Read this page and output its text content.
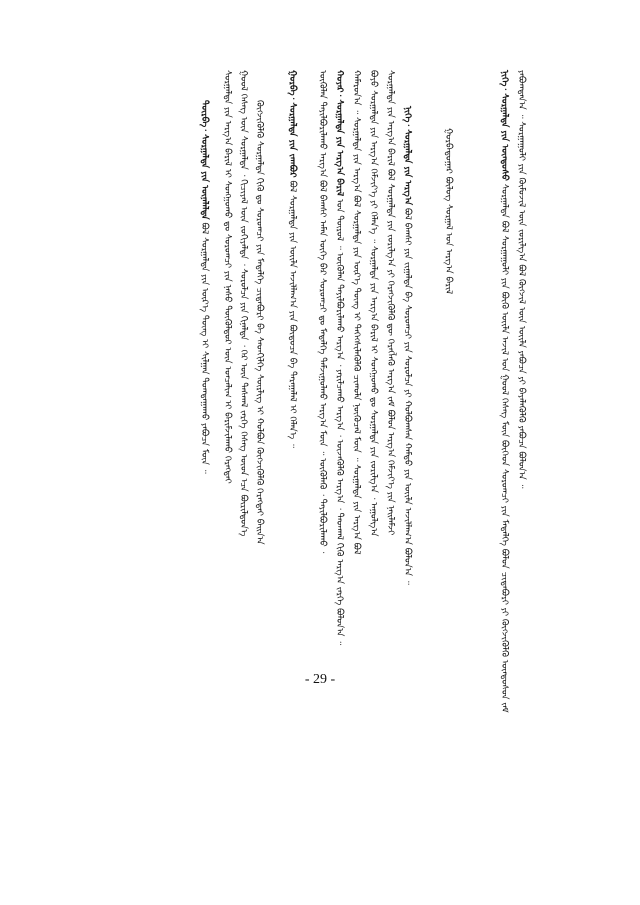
ᠶᠠᠪᠤᠭᠳᠠᠨ᠎ᠠ ᠃ ᠰᠤᠷᠭᠠᠭᠤᠯᠢ ᠶᠢᠨ ᠬᠦᠮᠦᠵᠢᠯ ᠦᠨ ᠵᠣᠷᠢᠯᠭ᠎ᠠ ᠪᠣᠯ ᠬᠥᠭᠵᠢᠯ ᠦᠨ ᠦᠢᠯᠡ ᠶᠠᠪᠤᠴᠠ ᠶᠢ ᠪᠡᠶᠡᠯᠡᠭᠦᠯᠬᠦ ᠶᠠᠪᠤᠴᠠ ᠪᠣᠯᠤᠨ᠎ᠠ ᠃
ᠨᠢᠭᠡ᠂ ᠰᠤᠷᠭᠠᠯᠲᠠ ᠶᠢᠨ ᠦᠨᠳᠦᠰᠦ ᠰᠤᠷᠭᠠᠯᠲᠠ ᠪᠣᠯ ᠰᠤᠷᠭᠠᠭᠤᠯᠢ ᠶᠢᠨ ᠪᠦᠬᠦ ᠦᠢᠯᠡ ᠠᠵᠢᠯ ᠤᠨ ᠭᠣᠣᠯ ᠬᠡᠰᠡᠭ ᠮᠥᠨ ᠪᠥᠭᠡᠳ ᠰᠤᠷᠤᠭᠴᠢ ᠶᠢᠨ ᠮᠡᠳᠡᠯᠭᠡ ᠪᠣᠯᠤᠨ ᠴᠢᠳᠠᠪᠤᠷᠢ ᠶᠢ ᠬᠥᠭᠵᠢᠭᠦᠯᠬᠦ ᠦᠨᠳᠦᠰᠦᠨ ᠵᠠᠮ
ᠭᠤᠷᠪᠠᠳᠤᠭᠠᠷ ᠪᠦᠯᠦᠭ ᠰᠤᠷᠭᠠᠯ ᠤᠨ ᠠᠷᠭ᠎ᠠ ᠪᠠᠷᠢᠯ
ᠨᠢᠭᠡ᠂ ᠰᠤᠷᠭᠠᠯᠲᠠ ᠶᠢᠨ ᠠᠷᠭ᠎ᠠ ᠪᠣᠯ ᠪᠠᠭᠰᠢ ᠶᠢᠨ ᠵᠢᠭᠠᠯᠲᠠ ᠪᠠ ᠰᠤᠷᠤᠭᠴᠢ ᠶᠢᠨ ᠰᠤᠷᠤᠯᠴᠠ ᠶᠢ ᠬᠣᠯᠪᠣᠭᠰᠠᠨ ᠬᠠᠮᠲᠤ ᠶᠢᠨ ᠦᠢᠯᠡ ᠠᠵᠢᠯᠯᠠᠭ᠎ᠠ ᠪᠣᠯᠤᠨ᠎ᠠ ᠃
ᠰᠤᠷᠭᠠᠯᠲᠠ ᠶᠢᠨ ᠠᠷᠭ᠎ᠠ ᠪᠠᠷᠢᠯ ᠪᠣᠯ ᠰᠤᠷᠭᠠᠯᠲᠠ ᠶᠢᠨ ᠵᠣᠷᠢᠯᠭ᠎ᠠ ᠶᠢ ᠬᠡᠷᠡᠭᠵᠢᠭᠦᠯᠬᠦ ᠳᠦ ᠬᠡᠷᠡᠭᠯᠡᠬᠦ ᠠᠷᠭ᠎ᠠ ᠵᠠᠮ ᠪᠣᠯᠤᠨ ᠠᠷᠭ᠎ᠠ ᠬᠡᠮᠵᠢᠶ᠎ᠡ ᠶᠢᠨ ᠨᠡᠢᠯᠡᠮᠵᠢ
ᠪᠤᠶᠤ ᠰᠤᠷᠭᠠᠯᠲᠠ ᠶᠢᠨ ᠠᠷᠭ᠎ᠠ ᠬᠡᠮᠵᠢᠶ᠎ᠡ ᠶᠢ ᠬᠡᠯᠡᠨ᠎ᠡ ᠃ ᠰᠤᠷᠭᠠᠯᠲᠠ ᠶᠢᠨ ᠠᠷᠭ᠎ᠠ ᠪᠠᠷᠢᠯ ᠢ ᠰᠣᠩᠭᠣᠬᠤ ᠳᠤ ᠰᠤᠷᠭᠠᠯᠲᠠ ᠶᠢᠨ ᠵᠣᠷᠢᠯᠭ᠎ᠠ ᠂ ᠠᠭᠤᠯᠭ᠎ᠠ
ᠬᠠᠮᠠᠷᠤᠨ᠎ᠠ ᠃ ᠰᠤᠷᠭᠠᠯᠲᠠ ᠶᠢᠨ ᠠᠷᠭ᠎ᠠ ᠪᠣᠯ ᠰᠤᠷᠭᠠᠯᠲᠠ ᠶᠢᠨ ᠦᠷ᠎ᠡ ᠳᠦᠩ ᠢ ᠳᠡᠭᠡᠭᠰᠢᠯᠡᠭᠦᠯᠬᠦ ᠴᠢᠬᠤᠯᠠ ᠨᠥᠬᠥᠴᠡᠯ ᠮᠥᠨ ᠃ ᠰᠤᠷᠭᠠᠯᠲᠠ ᠶᠢᠨ ᠠᠷᠭ᠎ᠠ ᠪᠣᠯ
ᠬᠣᠶᠠᠷ᠂ ᠰᠤᠷᠭᠠᠯᠲᠠ ᠶᠢᠨ ᠠᠷᠭ᠎ᠠ ᠪᠠᠷᠢᠯ ᠤᠨ ᠲᠥᠷᠥᠯ ᠃ ᠦᠭᠦᠯᠡᠨ ᠲᠠᠶᠢᠯᠪᠤᠷᠢᠯᠠᠬᠤ ᠠᠷᠭ᠎ᠠ ᠂ ᠶᠠᠷᠢᠯᠴᠠᠬᠤ ᠠᠷᠭ᠎ᠠ ᠂ ᠦᠵᠡᠭᠦᠯᠬᠦ ᠠᠷᠭ᠎ᠠ ᠂ ᠳᠠᠳᠬᠠᠯ ᠬᠢᠬᠦ ᠠᠷᠭ᠎ᠠ ᠵᠡᠷᠭᠡ ᠪᠣᠯᠤᠨ᠎ᠠ ᠃
ᠦᠭᠦᠯᠡᠨ ᠲᠠᠶᠢᠯᠪᠤᠷᠢᠯᠠᠬᠤ ᠠᠷᠭ᠎ᠠ ᠪᠣᠯ ᠪᠠᠭᠰᠢ ᠠᠮᠠᠨ ᠦᠭᠡ ᠪᠡᠷ ᠰᠤᠷᠤᠭᠴᠢ ᠳᠤ ᠮᠡᠳᠡᠯᠭᠡ ᠳᠠᠮᠵᠢᠭᠤᠯᠬᠤ ᠠᠷᠭ᠎ᠠ ᠮᠥᠨ ᠃ ᠦᠭᠦᠯᠡᠬᠦ ᠂ ᠲᠠᠶᠢᠯᠪᠤᠷᠢᠯᠠᠬᠤ ᠂
ᠭᠤᠷᠪᠠ᠂ ᠰᠤᠷᠭᠠᠯᠲᠠ ᠶᠢᠨ ᠵᠠᠭᠪᠤᠷ ᠪᠣᠯ ᠰᠤᠷᠭᠠᠯᠲᠠ ᠶᠢᠨ ᠦᠢᠯᠡ ᠠᠵᠢᠯᠯᠠᠭ᠎ᠠ ᠶᠢᠨ ᠪᠦᠲᠦᠴᠡ ᠪᠠ ᠳᠠᠷᠠᠭᠠᠯᠠᠯ ᠢ ᠬᠡᠯᠡᠨ᠎ᠡ ᠃
ᠬᠥᠭᠵᠢᠭᠦᠯᠬᠦ ᠰᠤᠷᠭᠠᠯᠲᠠ ᠬᠢᠬᠦ ᠳᠤ ᠰᠤᠷᠤᠭᠴᠢ ᠶᠢᠨ ᠮᠡᠳᠡᠯᠭᠡ ᠴᠢᠳᠠᠪᠤᠷᠢ ᠪᠠ ᠰᠡᠳᠬᠢᠯᠭᠡ ᠰᠦᠷᠯᠢᠭ ᠢ ᠬᠣᠯᠪᠣᠨ ᠬᠥᠭᠵᠢᠭᠦᠯᠬᠦ ᠬᠡᠷᠡᠭᠲᠡᠢ ᠪᠠᠢᠨ᠎ᠠ
ᠭᠣᠣᠯ ᠬᠡᠰᠡᠭ ᠦᠨ ᠰᠤᠷᠭᠠᠯᠲᠠ ᠂ ᠬᠢᠴᠢᠶᠡᠯ ᠦᠨ ᠵᠣᠬᠢᠶᠠᠯᠲᠠ ᠂ ᠰᠤᠷᠤᠯᠴᠠ ᠶᠢᠨ ᠬᠢᠨᠠᠯᠲᠠ ᠂ ᠭᠡᠷ ᠦᠨ ᠳᠠᠰᠬᠠᠯ ᠵᠡᠷᠭᠡ ᠬᠡᠰᠡᠭ ᠦᠳ ᠡᠴᠡ ᠪᠦᠷᠢᠯᠳᠦᠨ᠎ᠡ
ᠰᠤᠷᠭᠠᠯᠲᠠ ᠶᠢᠨ ᠠᠷᠭ᠎ᠠ ᠪᠠᠷᠢᠯ ᠢ ᠰᠣᠩᠭᠣᠬᠤ ᠳᠤ ᠰᠤᠷᠤᠭᠴᠢ ᠶᠢᠨ ᠨᠠᠰᠤ ᠲᠥᠭᠦᠯᠳᠦᠷ ᠦᠨ ᠣᠨᠴᠠᠯᠢᠭ ᠢ ᠪᠠᠷᠢᠮᠵᠢᠯᠠᠬᠤ ᠬᠡᠷᠡᠭᠲᠡᠢ
ᠳᠥᠷᠪᠡ᠂ ᠰᠤᠷᠭᠠᠯᠲᠠ ᠶᠢᠨ ᠦᠨᠡᠯᠡᠯᠲᠡ ᠪᠣᠯ ᠰᠤᠷᠭᠠᠯᠲᠠ ᠶᠢᠨ ᠦᠷ᠎ᠡ ᠳᠦᠩ ᠢ ᠰᠢᠯᠭᠠᠨ ᠲᠣᠭᠲᠠᠭᠠᠬᠤ ᠶᠠᠪᠤᠴᠠ ᠮᠥᠨ ᠃
- 29 -
